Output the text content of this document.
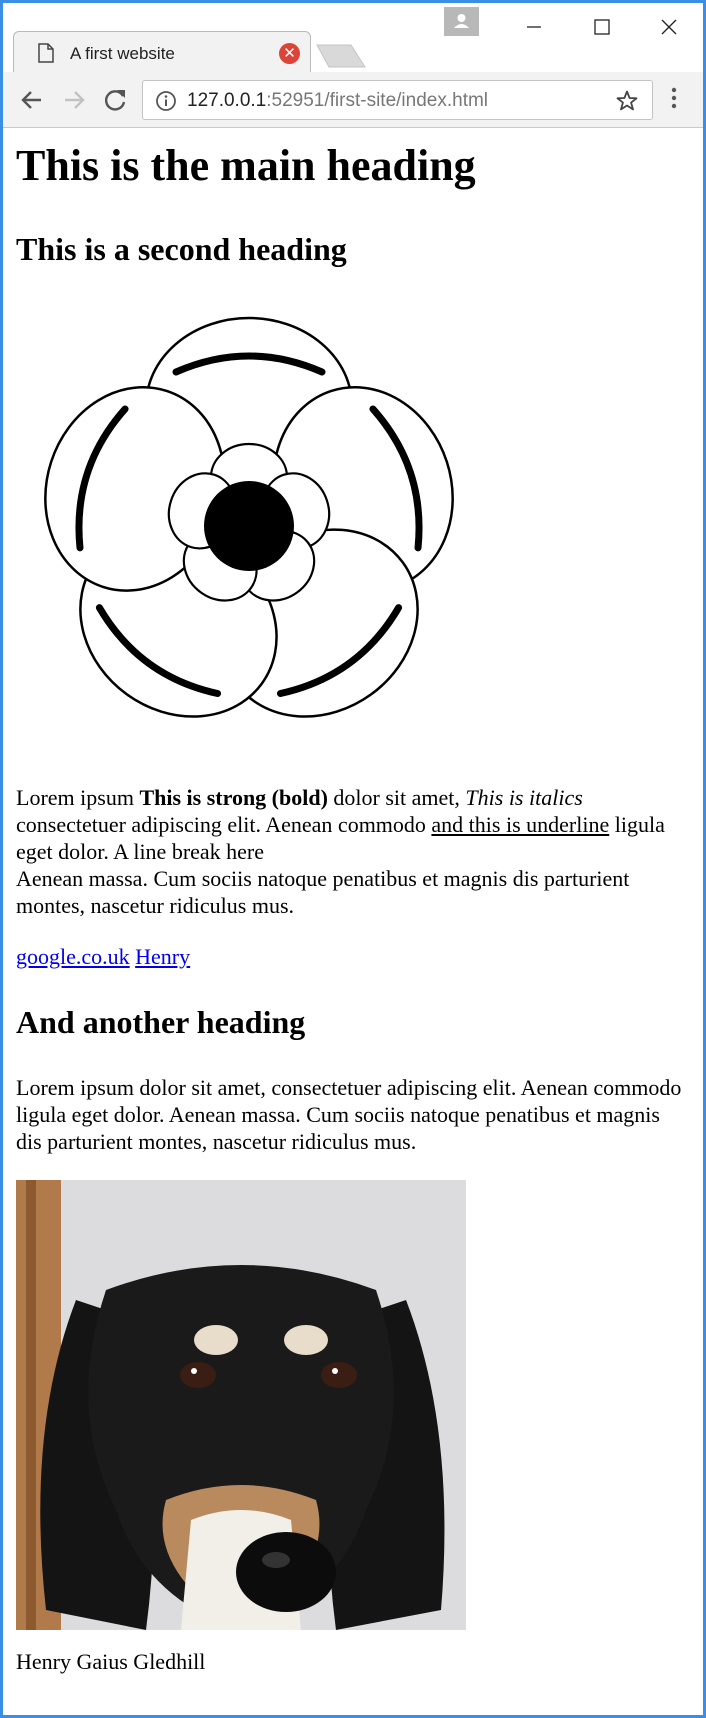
A first website	✕
127.0.0.1:52951/first-site/index.html
This is the main heading
This is a second heading

Lorem ipsum This is strong (bold) dolor sit amet, This is italics consectetuer adipiscing elit. Aenean commodo and this is underline ligula eget dolor. A line break here
Aenean massa. Cum sociis natoque penatibus et magnis dis parturient montes, nascetur ridiculus mus.

google.co.uk Henry

And another heading

Lorem ipsum dolor sit amet, consectetuer adipiscing elit. Aenean commodo ligula eget dolor. Aenean massa. Cum sociis natoque penatibus et magnis dis parturient montes, nascetur ridiculus mus.

Henry Gaius Gledhill
